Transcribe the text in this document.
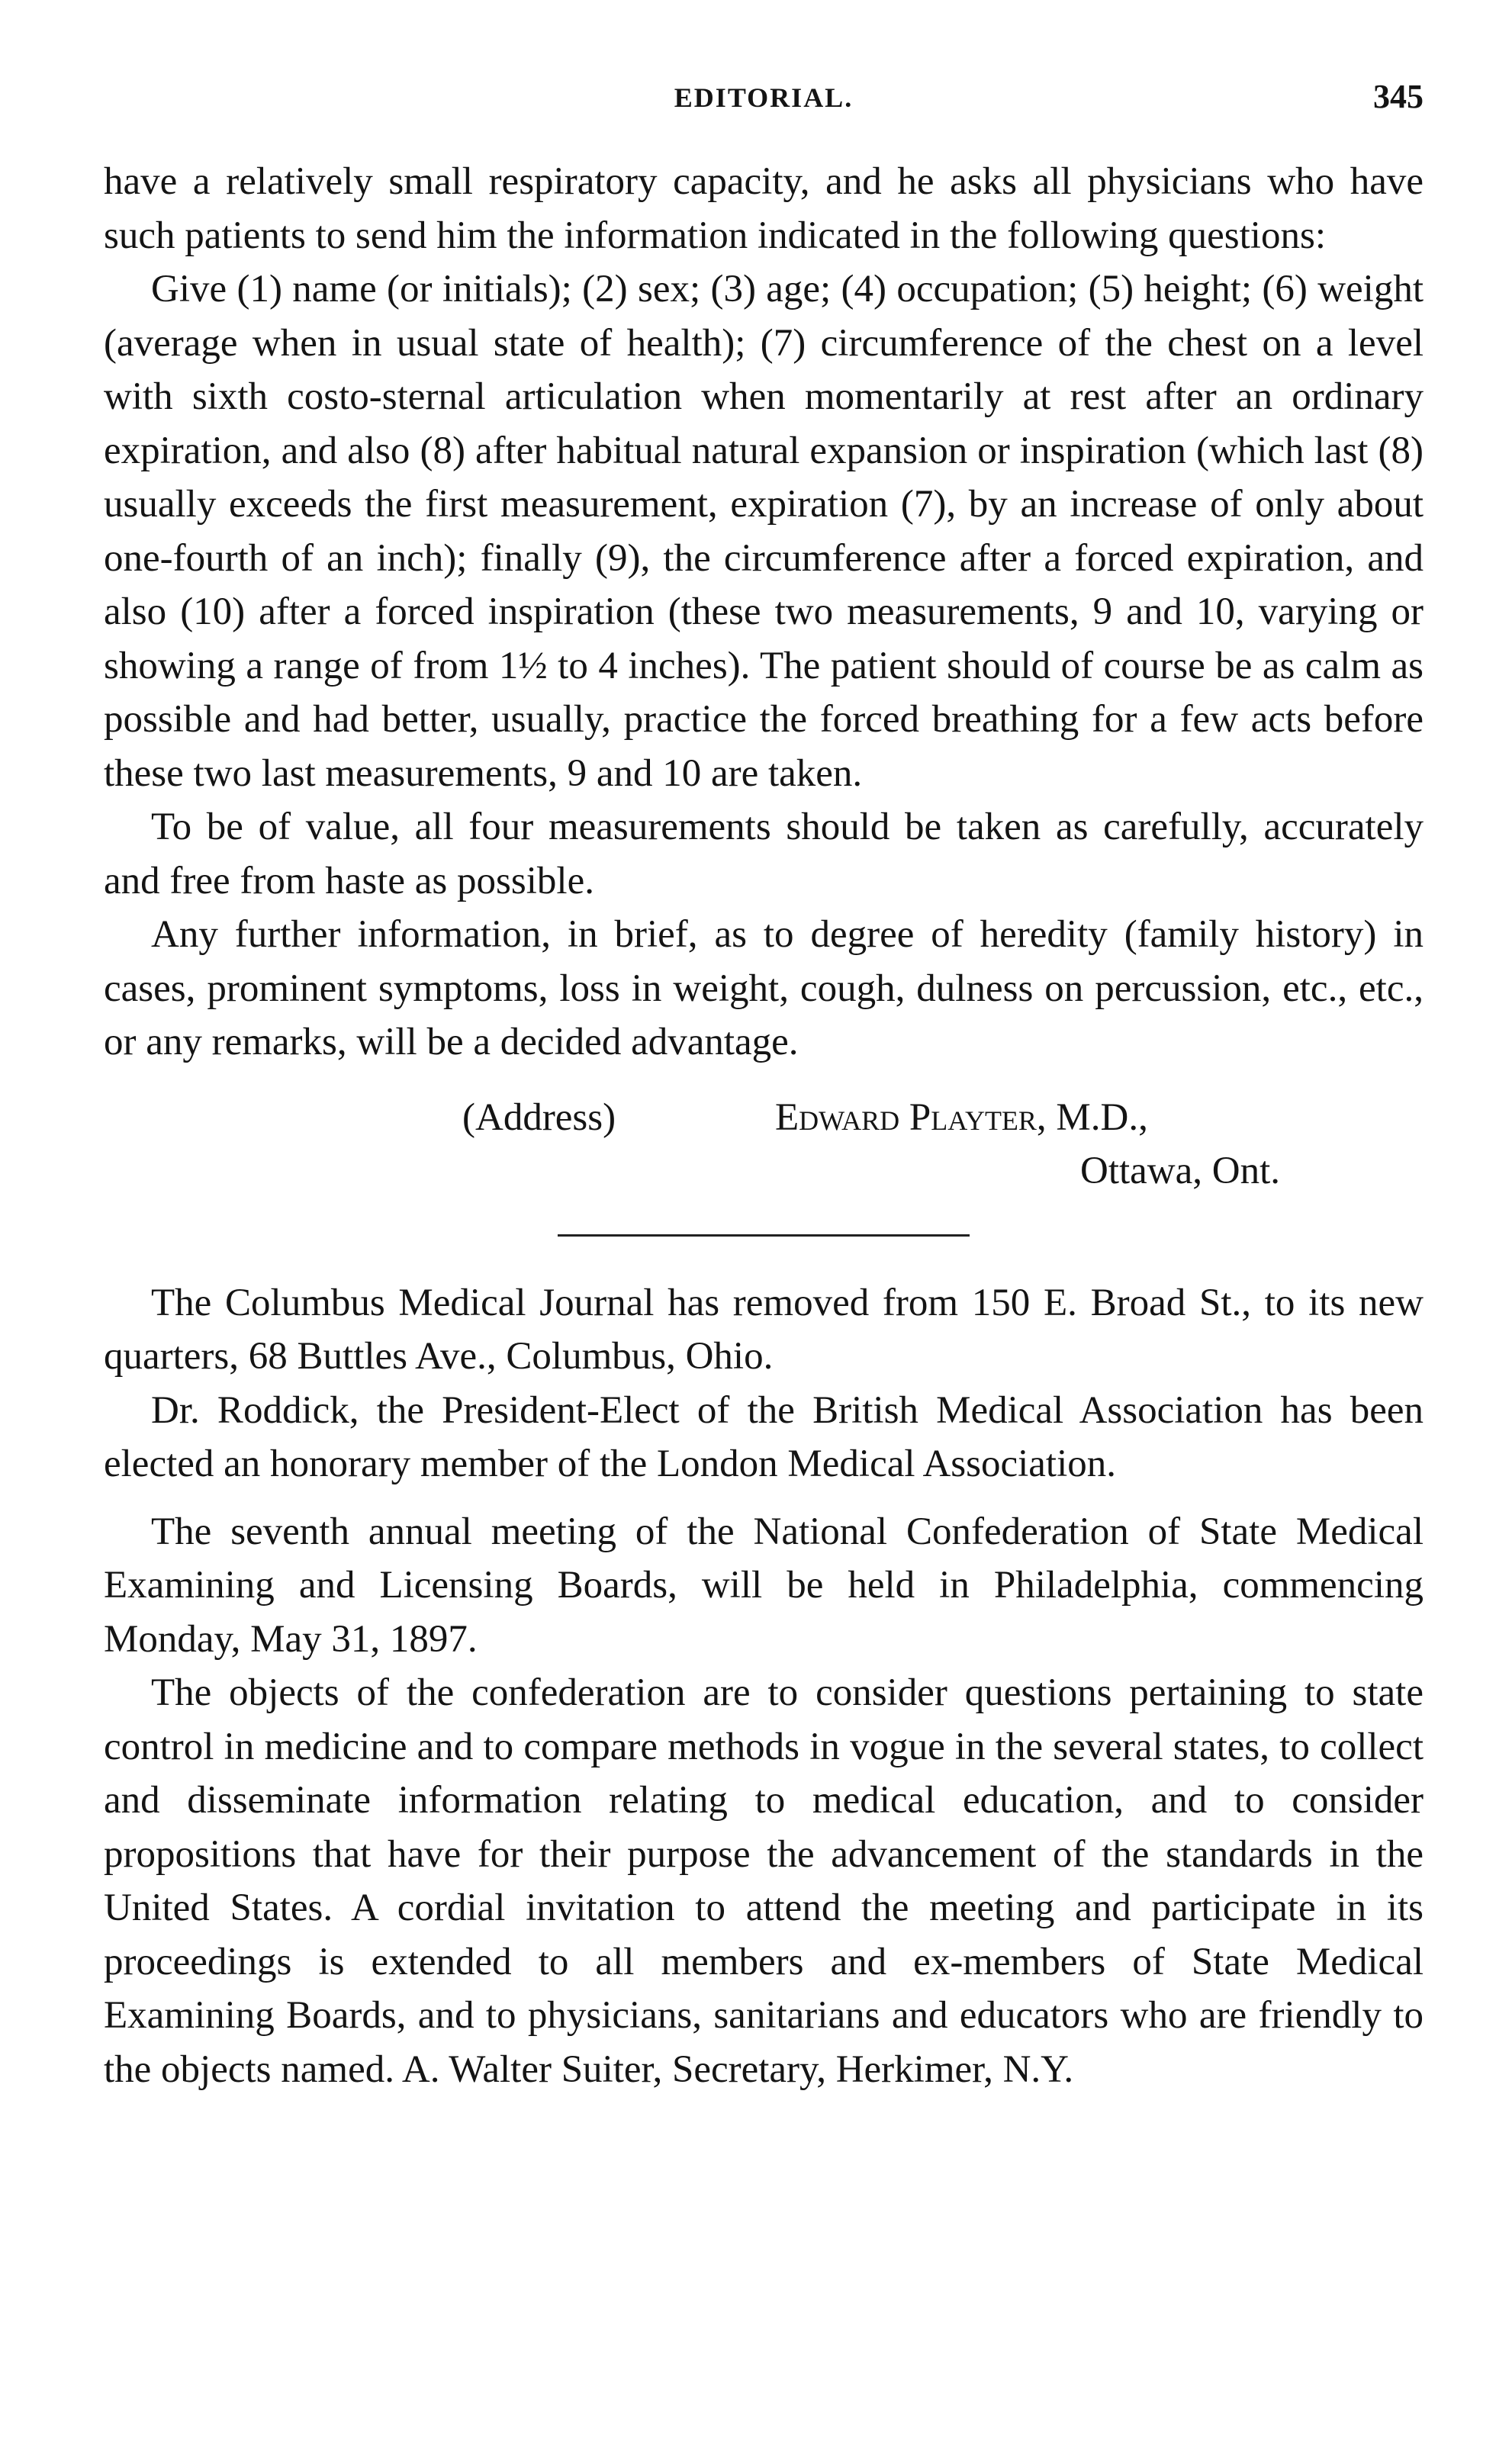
EDITORIAL.	345

have a relatively small respiratory capacity, and he asks all physicians who have such patients to send him the information indicated in the following questions:

Give (1) name (or initials); (2) sex; (3) age; (4) occupation; (5) height; (6) weight (average when in usual state of health); (7) circumference of the chest on a level with sixth costo-sternal articulation when momentarily at rest after an ordinary expiration, and also (8) after habitual natural expansion or inspiration (which last (8) usually exceeds the first measurement, expiration (7), by an increase of only about one-fourth of an inch); finally (9), the circumference after a forced expiration, and also (10) after a forced inspiration (these two measurements, 9 and 10, varying or showing a range of from 1½ to 4 inches). The patient should of course be as calm as possible and had better, usually, practice the forced breathing for a few acts before these two last measurements, 9 and 10 are taken.

To be of value, all four measurements should be taken as carefully, accurately and free from haste as possible.

Any further information, in brief, as to degree of heredity (family history) in cases, prominent symptoms, loss in weight, cough, dulness on percussion, etc., etc., or any remarks, will be a decided advantage.

(Address)	Edward Playter, M.D.,
Ottawa, Ont.

The Columbus Medical Journal has removed from 150 E. Broad St., to its new quarters, 68 Buttles Ave., Columbus, Ohio.

Dr. Roddick, the President-Elect of the British Medical Association has been elected an honorary member of the London Medical Association.

The seventh annual meeting of the National Confederation of State Medical Examining and Licensing Boards, will be held in Philadelphia, commencing Monday, May 31, 1897.

The objects of the confederation are to consider questions pertaining to state control in medicine and to compare methods in vogue in the several states, to collect and disseminate information relating to medical education, and to consider propositions that have for their purpose the advancement of the standards in the United States. A cordial invitation to attend the meeting and participate in its proceedings is extended to all members and ex-members of State Medical Examining Boards, and to physicians, sanitarians and educators who are friendly to the objects named. A. Walter Suiter, Secretary, Herkimer, N.Y.
